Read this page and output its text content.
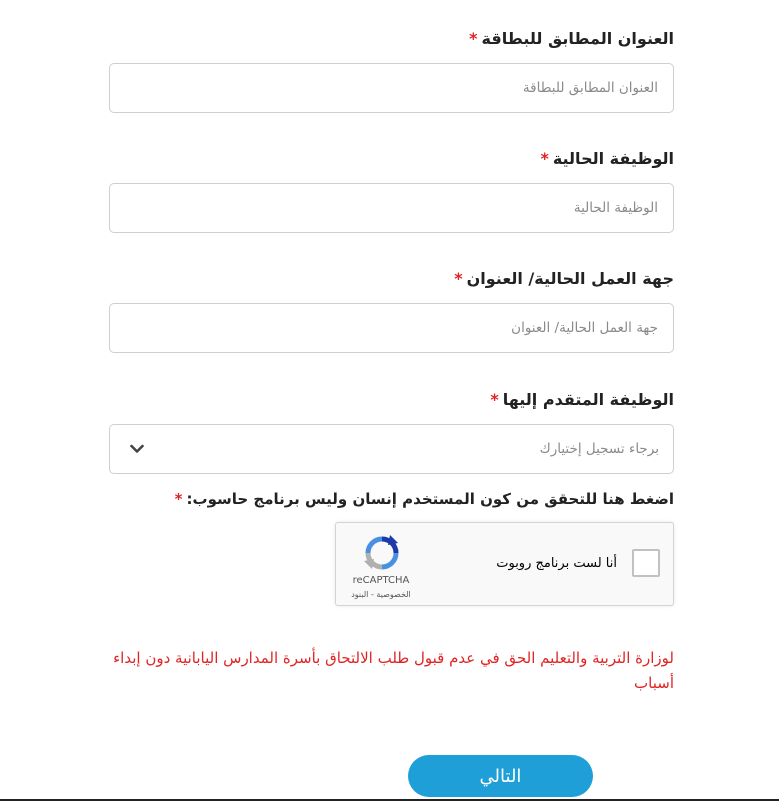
العنوان المطابق للبطاقة*
العنوان المطابق للبطاقة
الوظيفة الحالية*
الوظيفة الحالية
جهة العمل الحالية/ العنوان*
جهة العمل الحالية/ العنوان
الوظيفة المتقدم إليها*
برجاء تسجيل إختيارك
اضغط هنا للتحقق من كون المستخدم إنسان وليس برنامج حاسوب:*
أنا لست برنامج روبوت
reCAPTCHA
الخصوصية - البنود
لوزارة التربية والتعليم الحق في عدم قبول طلب الالتحاق بأسرة المدارس اليابانية دون إبداء أسباب
التالي
